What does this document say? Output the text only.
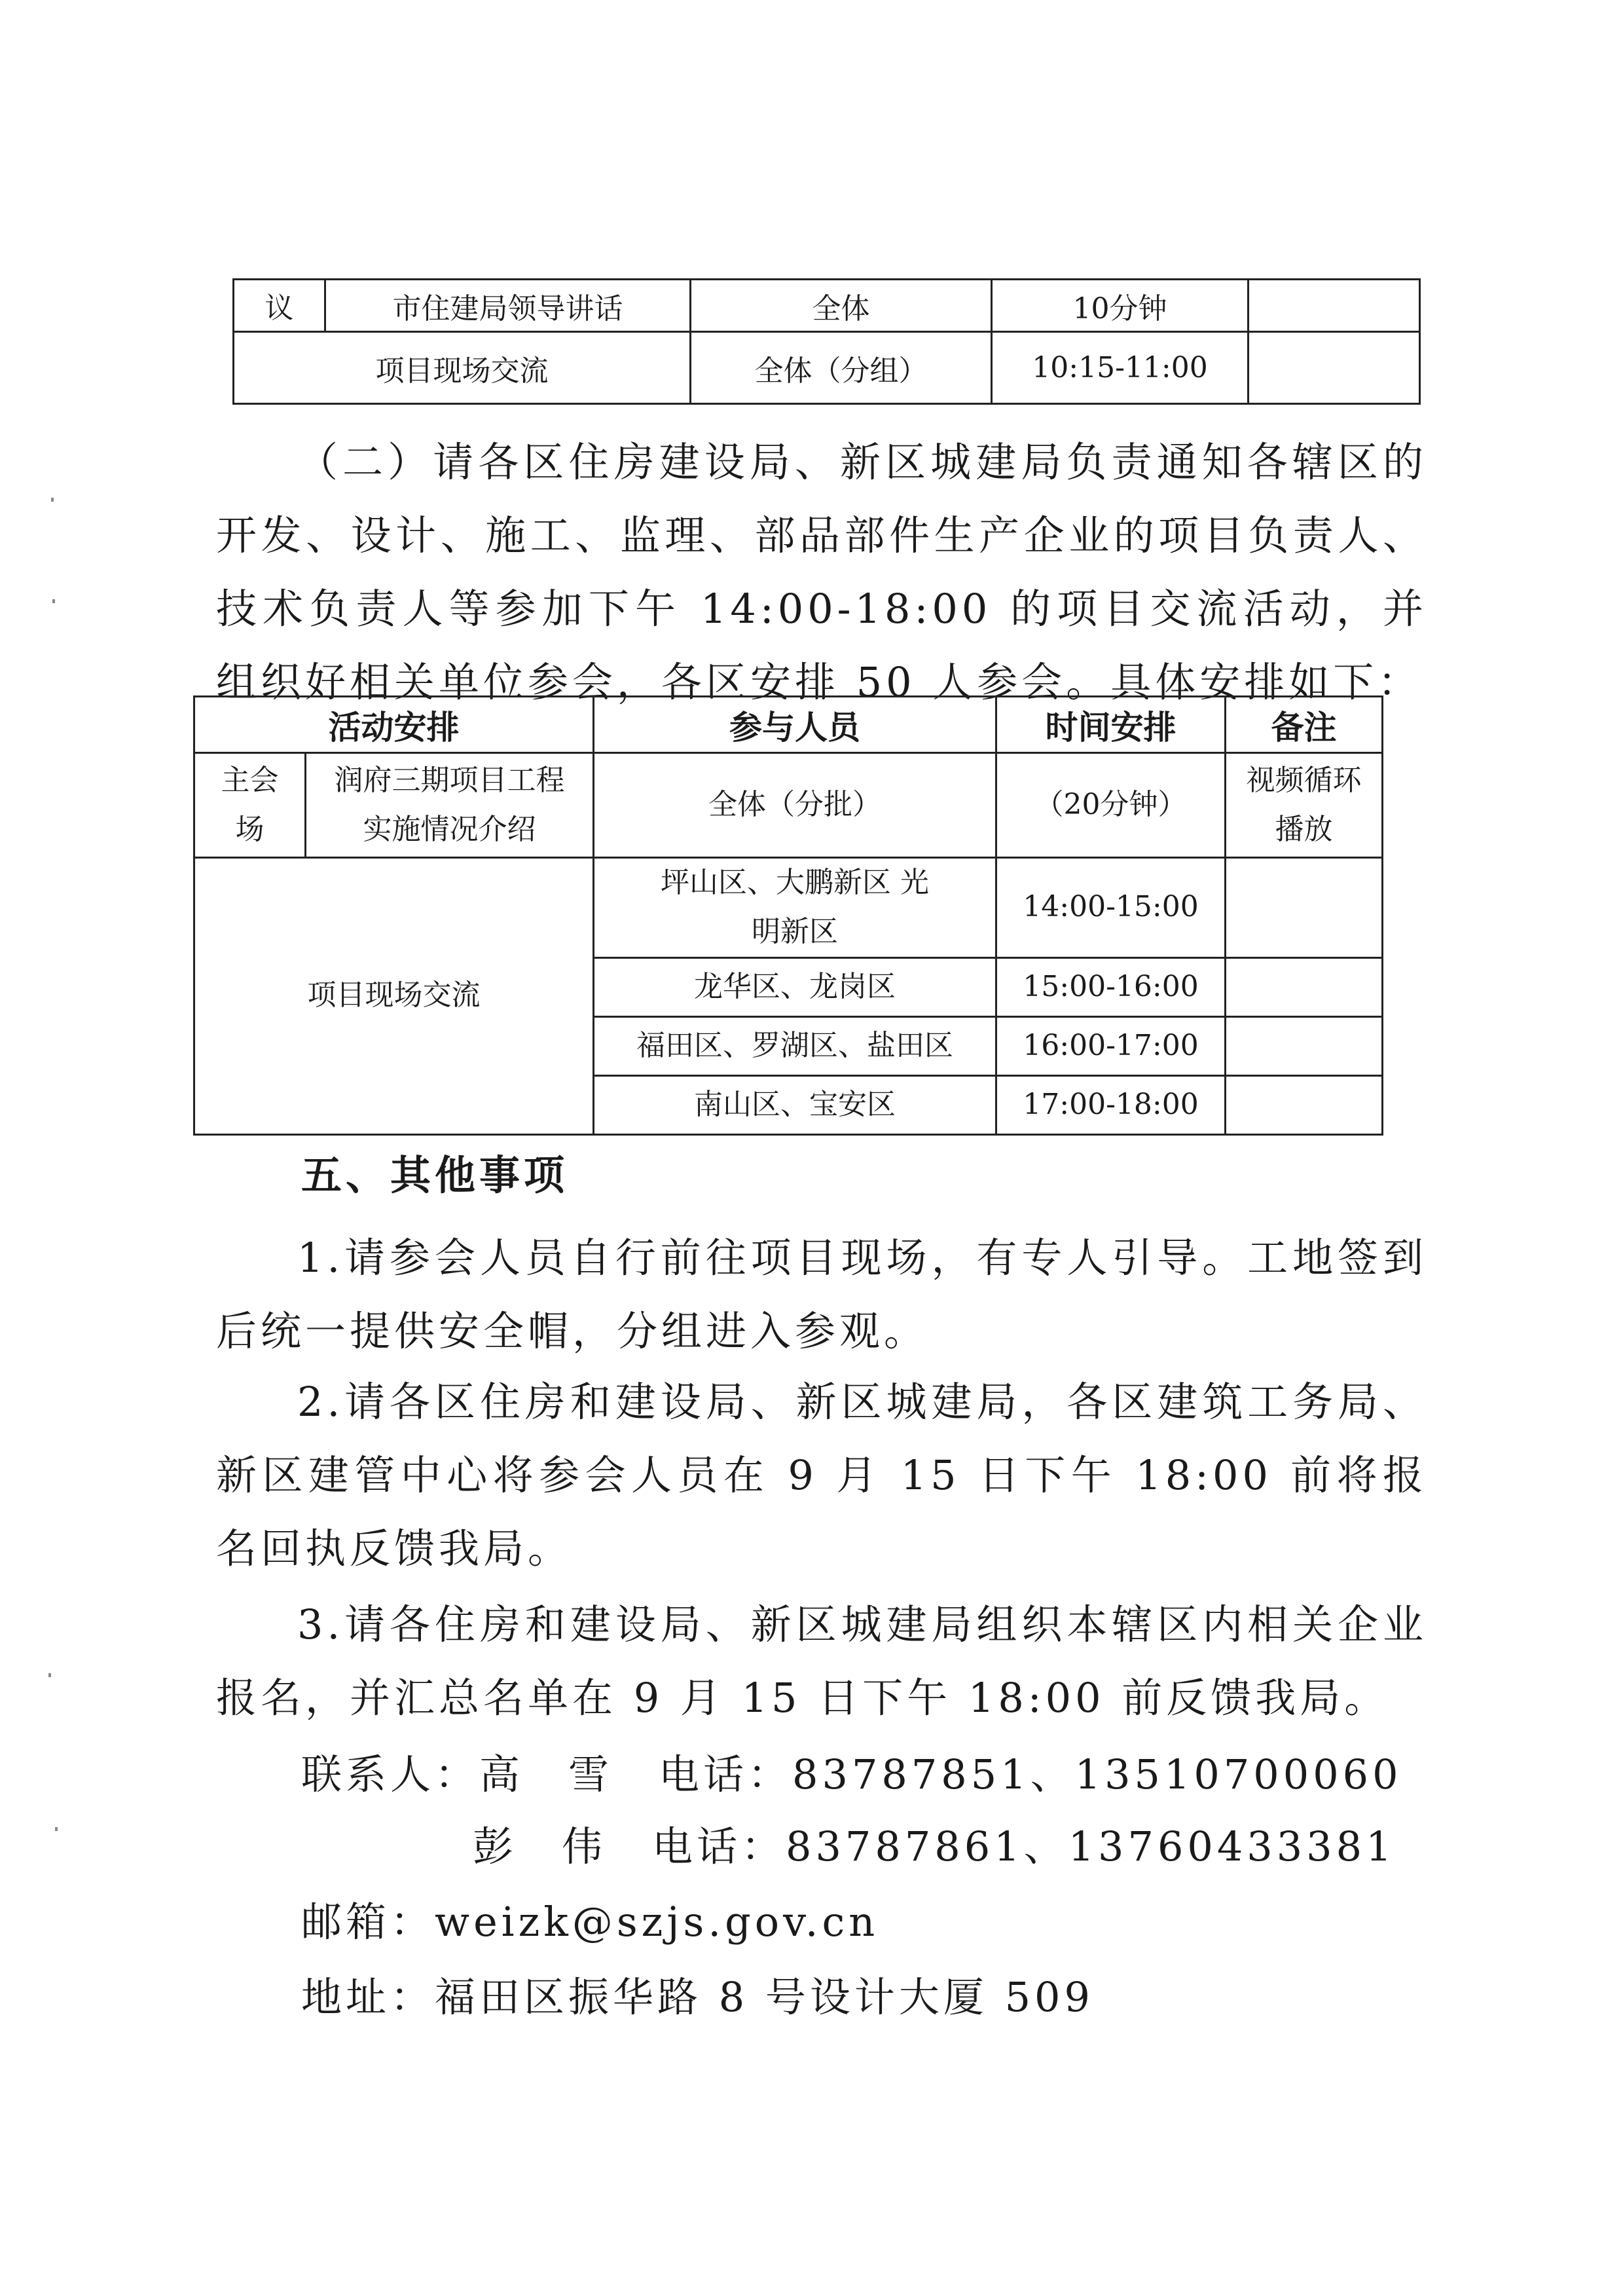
议	市住建局领导讲话	全体	10分钟	
项目现场交流		全体（分组）	10:15-11:00	

（二）请各区住房建设局、新区城建局负责通知各辖区的开发、设计、施工、监理、部品部件生产企业的项目负责人、技术负责人等参加下午 14:00-18:00 的项目交流活动，并组织好相关单位参会，各区安排 50 人参会。具体安排如下：

活动安排		参与人员	时间安排	备注
主会场	润府三期项目工程实施情况介绍	全体（分批）	（20分钟）	视频循环播放
项目现场交流		坪山区、大鹏新区 光明新区	14:00-15:00	
		龙华区、龙岗区	15:00-16:00	
		福田区、罗湖区、盐田区	16:00-17:00	
		南山区、宝安区	17:00-18:00	

五、其他事项

1.请参会人员自行前往项目现场，有专人引导。工地签到后统一提供安全帽，分组进入参观。

2.请各区住房和建设局、新区城建局，各区建筑工务局、新区建管中心将参会人员在 9 月 15 日下午 18:00 前将报名回执反馈我局。

3.请各住房和建设局、新区城建局组织本辖区内相关企业报名，并汇总名单在 9 月 15 日下午 18:00 前反馈我局。

联系人：高　雪 电话：83787851、13510700060

彭　伟 电话：83787861、13760433381

邮箱：weizk@szjs.gov.cn

地址：福田区振华路 8 号设计大厦 509
